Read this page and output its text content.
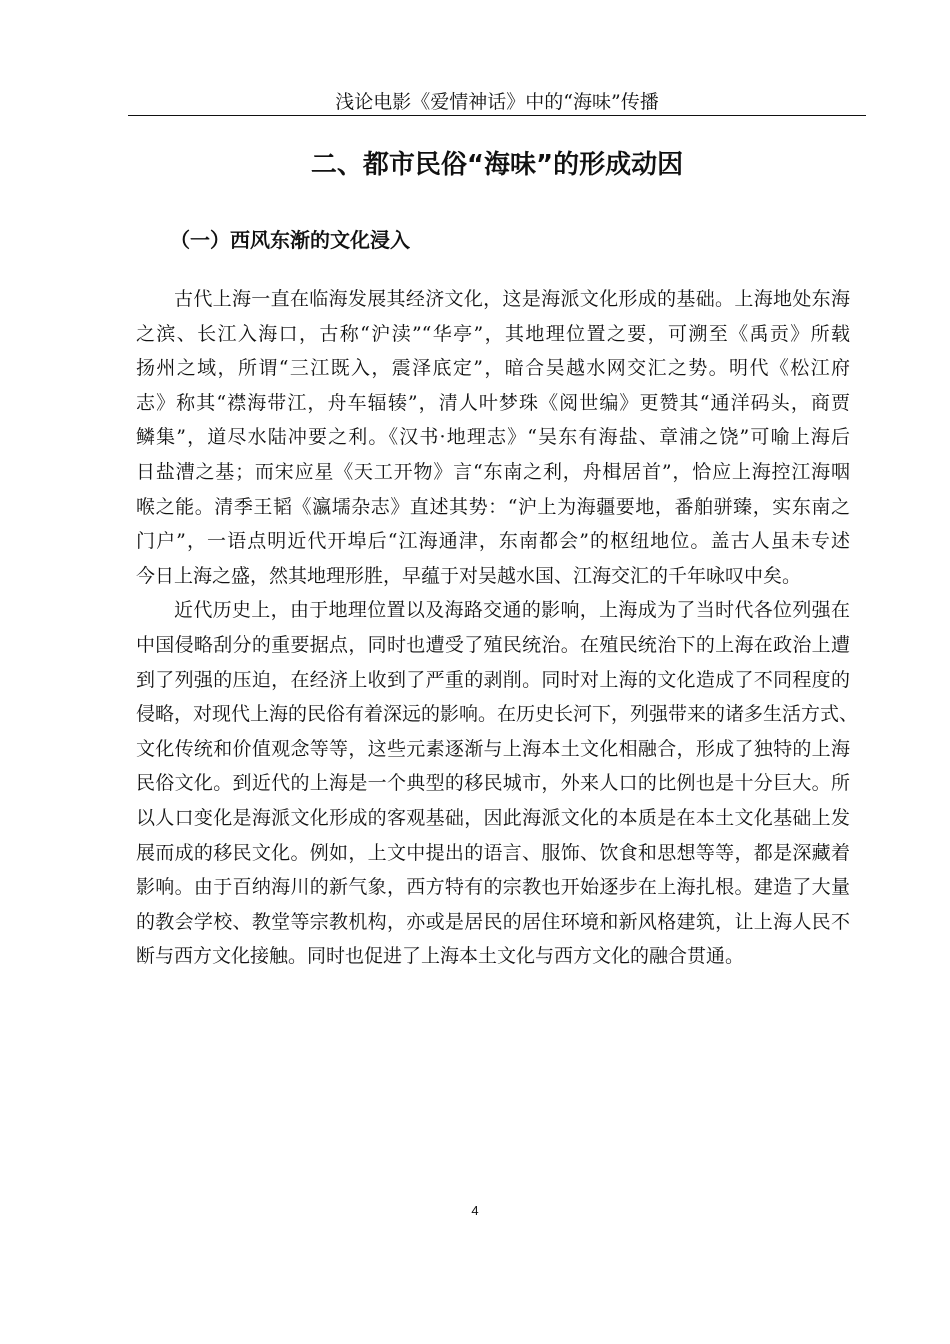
浅论电影《爱情神话》中的“海味”传播
二、都市民俗“海味”的形成动因
（一）西风东渐的文化浸入
古代上海一直在临海发展其经济文化，这是海派文化形成的基础。上海地处东海
之滨、长江入海口，古称“沪渎”“华亭”，其地理位置之要，可溯至《禹贡》所载
扬州之域，所谓“三江既入，震泽底定”，暗合吴越水网交汇之势。明代《松江府
志》称其“襟海带江，舟车辐辏”，清人叶梦珠《阅世编》更赞其“通洋码头，商贾
鳞集”，道尽水陆冲要之利。《汉书·地理志》“吴东有海盐、章浦之饶”可喻上海后
日盐漕之基；而宋应星《天工开物》言“东南之利，舟楫居首”，恰应上海控江海咽
喉之能。清季王韬《瀛壖杂志》直述其势：“沪上为海疆要地，番舶骈臻，实东南之
门户”，一语点明近代开埠后“江海通津，东南都会”的枢纽地位。盖古人虽未专述
今日上海之盛，然其地理形胜，早蕴于对吴越水国、江海交汇的千年咏叹中矣。
近代历史上，由于地理位置以及海路交通的影响，上海成为了当时代各位列强在
中国侵略刮分的重要据点，同时也遭受了殖民统治。在殖民统治下的上海在政治上遭
到了列强的压迫，在经济上收到了严重的剥削。同时对上海的文化造成了不同程度的
侵略，对现代上海的民俗有着深远的影响。在历史长河下，列强带来的诸多生活方式、
文化传统和价值观念等等，这些元素逐渐与上海本土文化相融合，形成了独特的上海
民俗文化。到近代的上海是一个典型的移民城市，外来人口的比例也是十分巨大。所
以人口变化是海派文化形成的客观基础，因此海派文化的本质是在本土文化基础上发
展而成的移民文化。例如，上文中提出的语言、服饰、饮食和思想等等，都是深藏着
影响。由于百纳海川的新气象，西方特有的宗教也开始逐步在上海扎根。建造了大量
的教会学校、教堂等宗教机构，亦或是居民的居住环境和新风格建筑，让上海人民不
断与西方文化接触。同时也促进了上海本土文化与西方文化的融合贯通。
4
